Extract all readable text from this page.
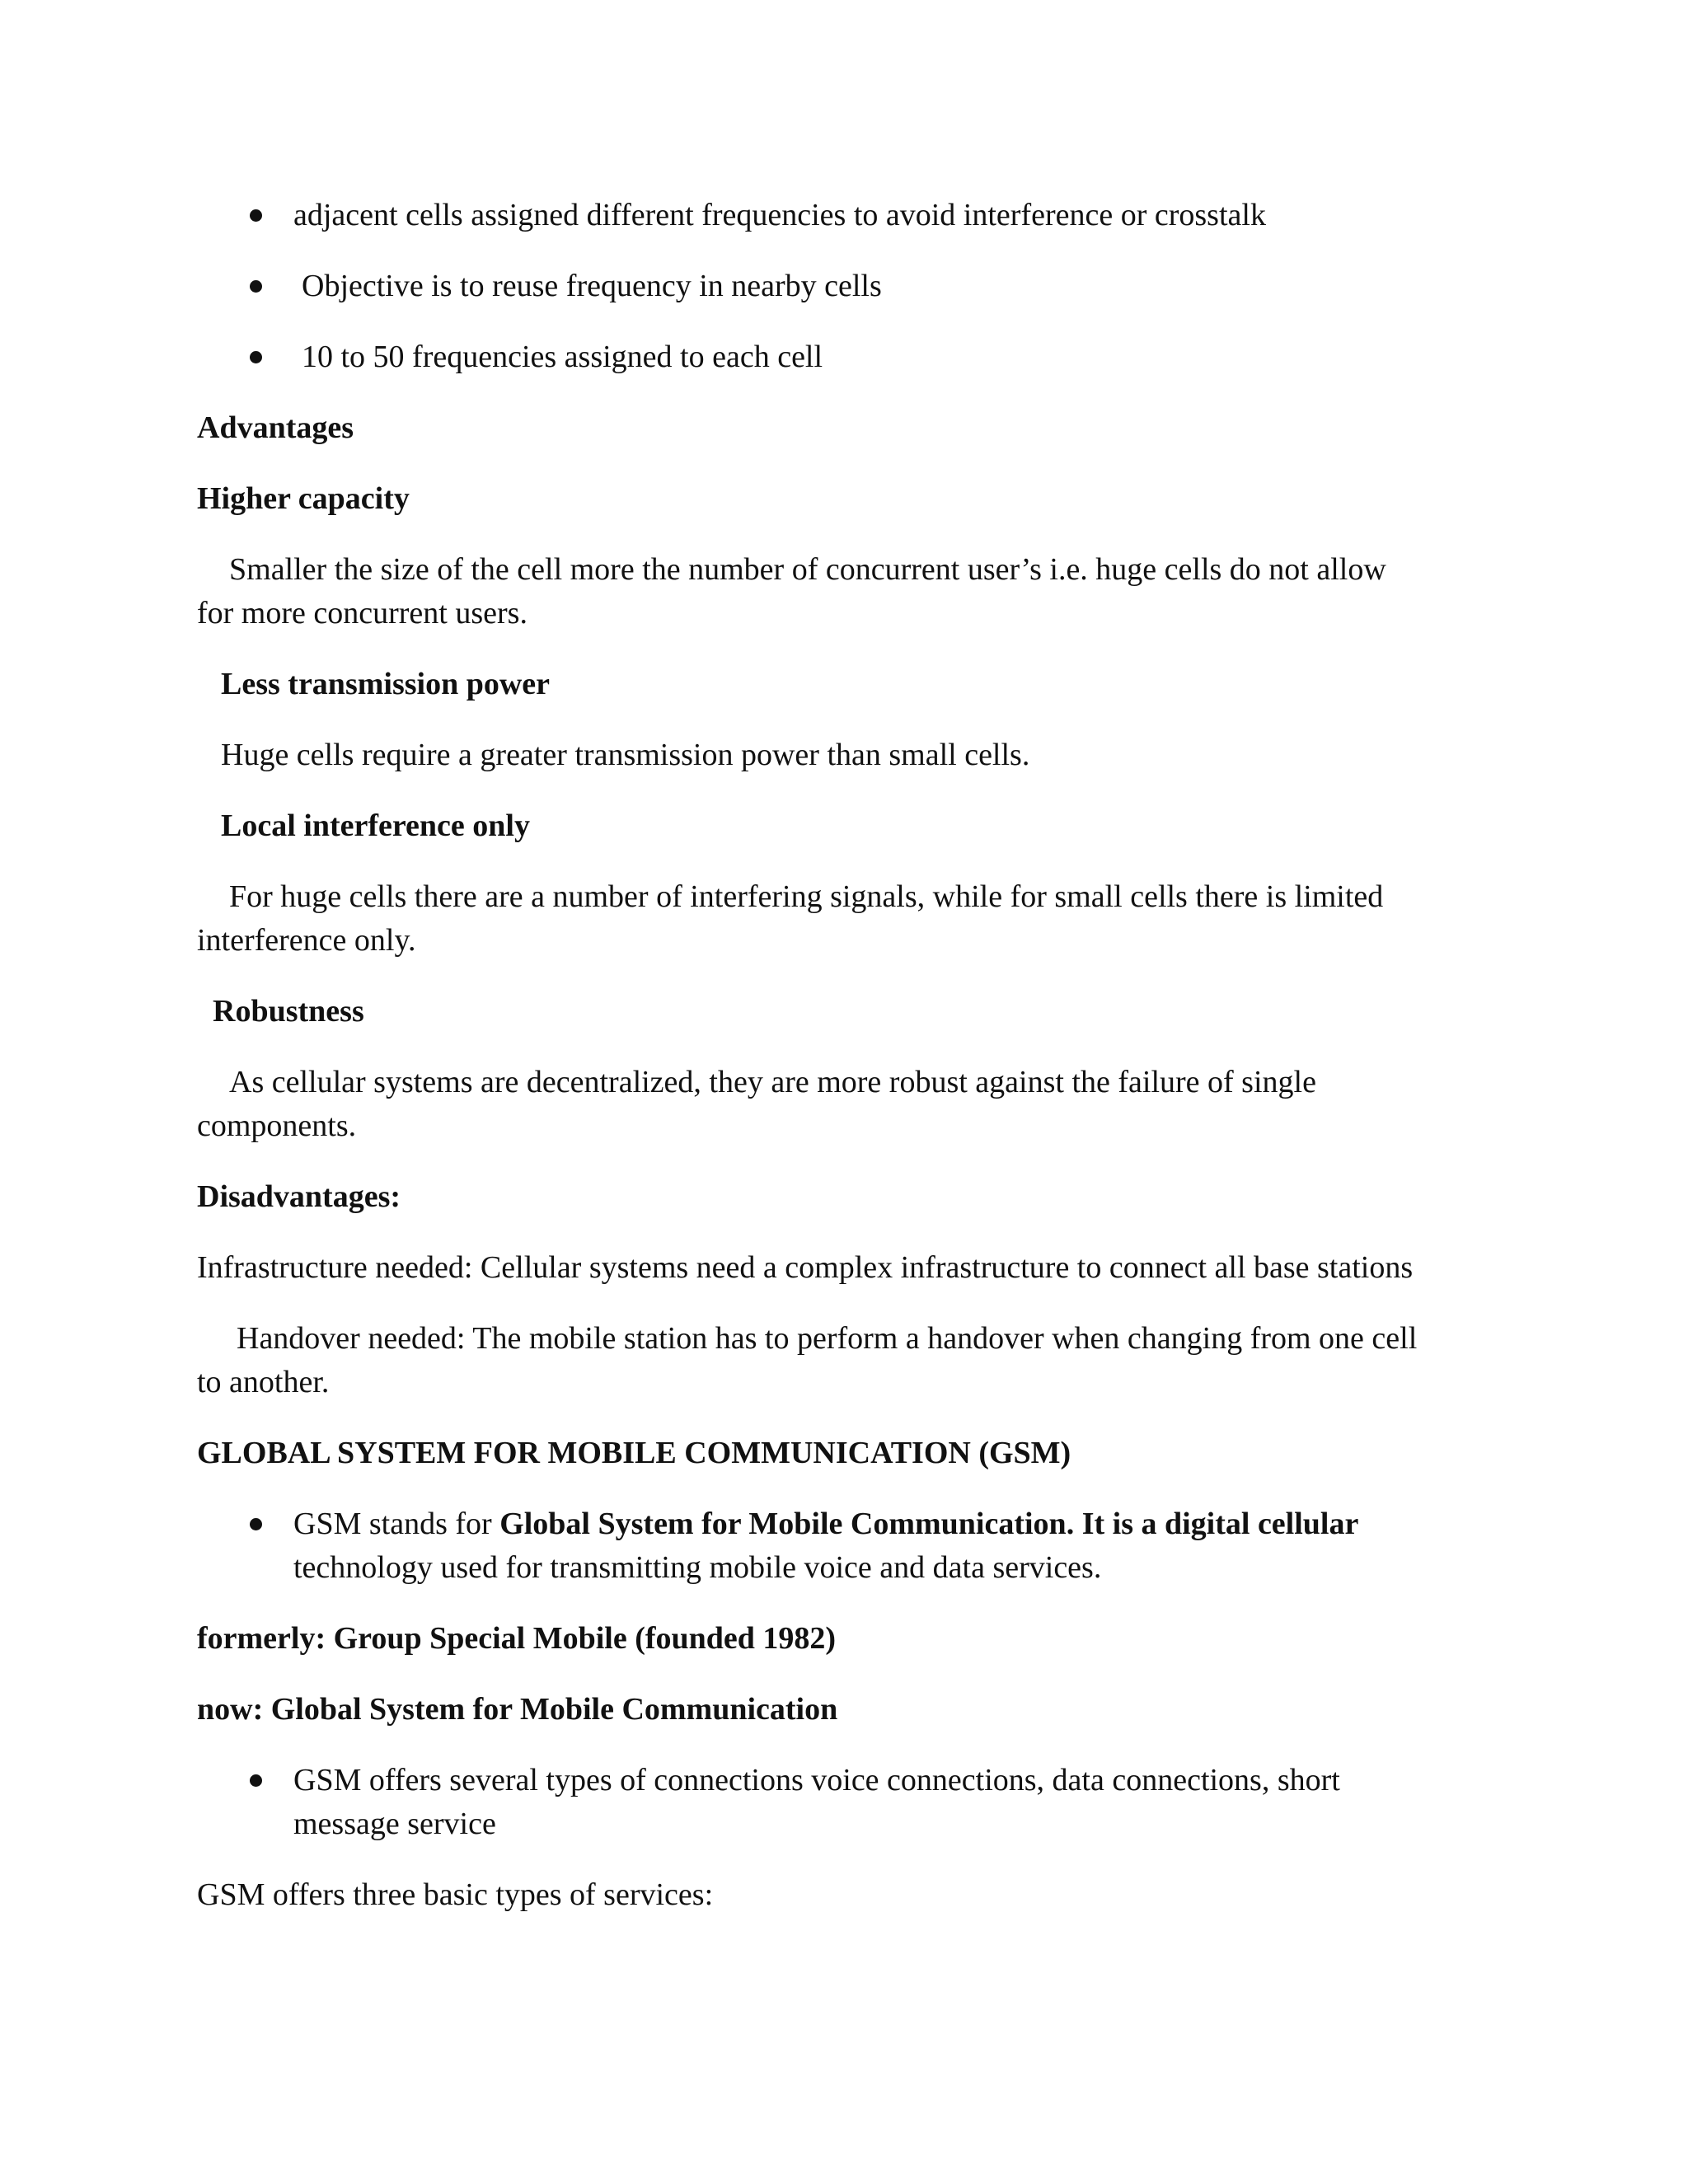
adjacent cells assigned different frequencies to avoid interference or crosstalk

Objective is to reuse frequency in nearby cells

10 to 50 frequencies assigned to each cell

Advantages

Higher capacity

Smaller the size of the cell more the number of concurrent user’s i.e. huge cells do not allow

for more concurrent users.

Less transmission power

Huge cells require a greater transmission power than small cells.

Local interference only

For huge cells there are a number of interfering signals, while for small cells there is limited

interference only.

Robustness

As cellular systems are decentralized, they are more robust against the failure of single

components.

Disadvantages:

Infrastructure needed: Cellular systems need a complex infrastructure to connect all base stations

Handover needed: The mobile station has to perform a handover when changing from one cell

to another.

GLOBAL SYSTEM FOR MOBILE COMMUNICATION (GSM)

GSM stands for Global System for Mobile Communication. It is a digital cellular

technology used for transmitting mobile voice and data services.

formerly: Group Special Mobile (founded 1982)

now: Global System for Mobile Communication

GSM offers several types of connections voice connections, data connections, short

message service

GSM offers three basic types of services:
